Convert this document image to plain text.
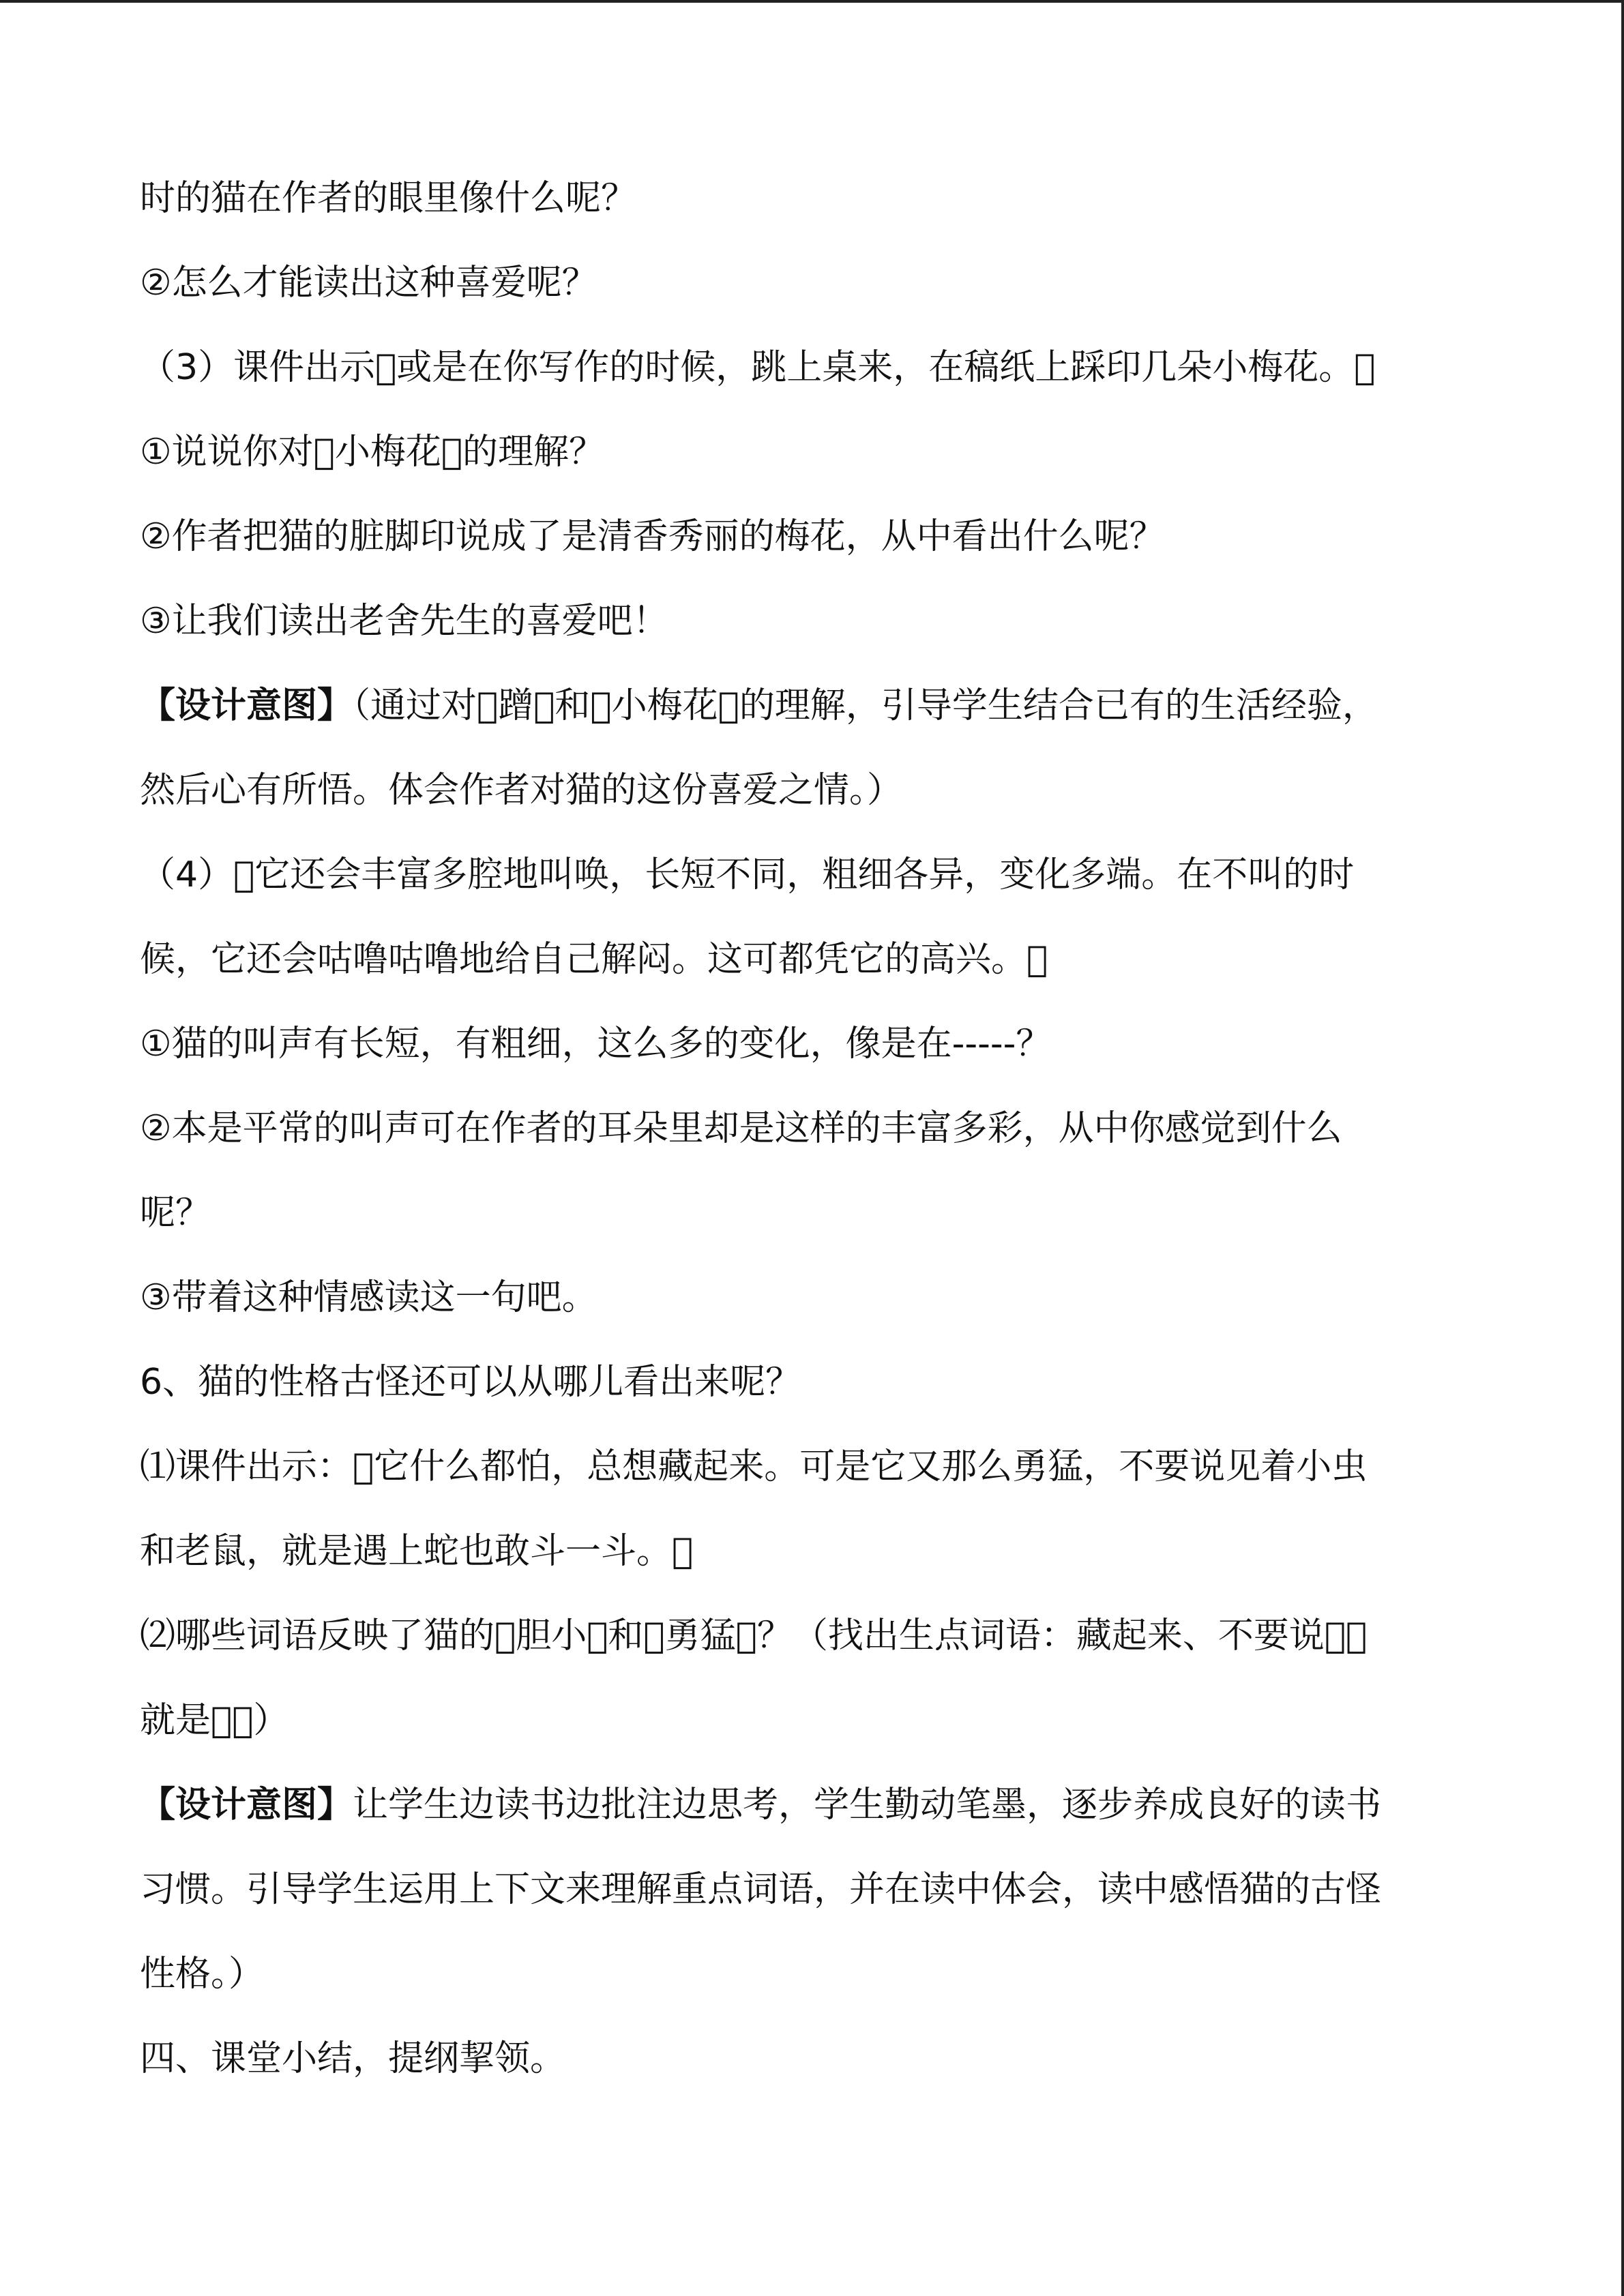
时的猫在作者的眼里像什么呢？

②怎么才能读出这种喜爱呢？

（3）课件出示 或是在你写作的时候，跳上桌来，在稿纸上踩印几朵小梅花。 

①说说你对 小梅花 的理解？

②作者把猫的脏脚印说成了是清香秀丽的梅花，从中看出什么呢？

③让我们读出老舍先生的喜爱吧！

【设计意图】（通过对 蹭 和 小梅花 的理解，引导学生结合已有的生活经验，

然后心有所悟。体会作者对猫的这份喜爱之情。）

（4） 它还会丰富多腔地叫唤，长短不同，粗细各异，变化多端。在不叫的时

候，它还会咕噜咕噜地给自己解闷。这可都凭它的高兴。 

①猫的叫声有长短，有粗细，这么多的变化，像是在-----？

②本是平常的叫声可在作者的耳朵里却是这样的丰富多彩，从中你感觉到什么

呢？

③带着这种情感读这一句吧。

6、猫的性格古怪还可以从哪儿看出来呢？

⑴课件出示： 它什么都怕，总想藏起来。可是它又那么勇猛，不要说见着小虫

和老鼠，就是遇上蛇也敢斗一斗。 

⑵哪些词语反映了猫的 胆小 和 勇猛 ？（找出生点词语：藏起来、不要说  

就是  ）

【设计意图】让学生边读书边批注边思考，学生勤动笔墨，逐步养成良好的读书

习惯。引导学生运用上下文来理解重点词语，并在读中体会，读中感悟猫的古怪

性格。）

四、课堂小结，提纲挈领。
